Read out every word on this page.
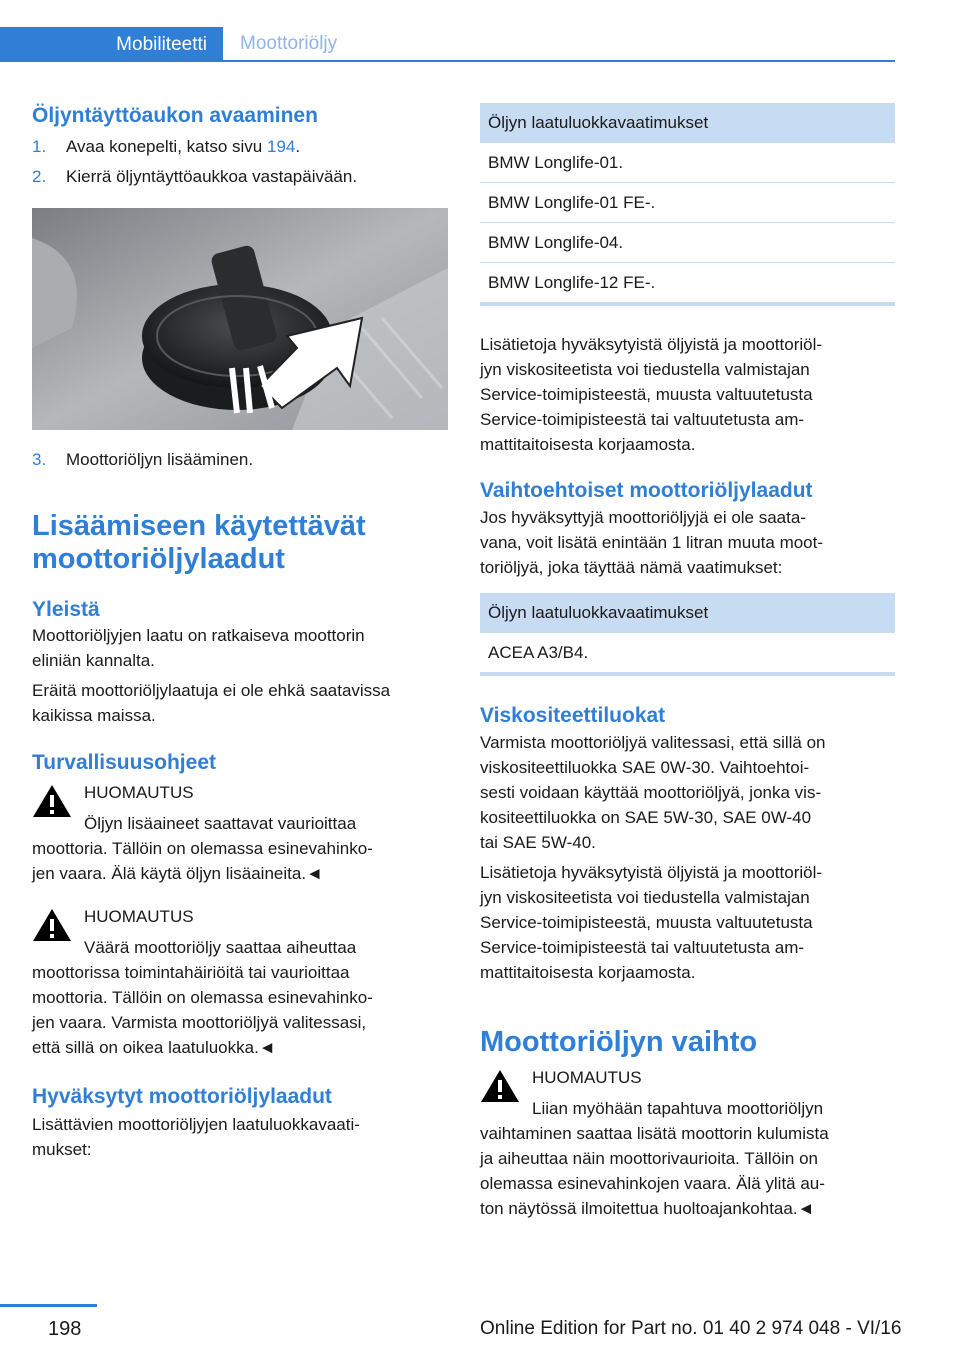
Mobiliteetti	Moottoriöljy
Öljyntäyttöaukon avaaminen
1.	Avaa konepelti, katso sivu 194.
2.	Kierrä öljyntäyttöaukkoa vastapäivään.
3.	Moottoriöljyn lisääminen.
Lisäämiseen käytettävät
moottoriöljylaadut
Yleistä

Moottoriöljyjen laatu on ratkaiseva moottorin

eliniän kannalta.

Eräitä moottoriöljylaatuja ei ole ehkä saatavissa

kaikissa maissa.

Turvallisuusohjeet

HUOMAUTUS

Öljyn lisäaineet saattavat vaurioittaa

moottoria. Tällöin on olemassa esinevahinko-

jen vaara. Älä käytä öljyn lisäaineita.◄

HUOMAUTUS

Väärä moottoriöljy saattaa aiheuttaa

moottorissa toimintahäiriöitä tai vaurioittaa

moottoria. Tällöin on olemassa esinevahinko-

jen vaara. Varmista moottoriöljyä valitessasi,

että sillä on oikea laatuluokka.◄

Hyväksytyt moottoriöljylaadut

Lisättävien moottoriöljyjen laatuluokkavaati-

mukset:

Öljyn laatuluokkavaatimukset
BMW Longlife-01.
BMW Longlife-01 FE-.
BMW Longlife-04.
BMW Longlife-12 FE-.

Lisätietoja hyväksytyistä öljyistä ja moottoriöl-

jyn viskositeetista voi tiedustella valmistajan

Service-toimipisteestä, muusta valtuutetusta

Service-toimipisteestä tai valtuutetusta am-

mattitaitoisesta korjaamosta.

Vaihtoehtoiset moottoriöljylaadut

Jos hyväksyttyjä moottoriöljyjä ei ole saata-

vana, voit lisätä enintään 1 litran muuta moot-

toriöljyä, joka täyttää nämä vaatimukset:

Öljyn laatuluokkavaatimukset
ACEA A3/B4.
Viskositeettiluokat

Varmista moottoriöljyä valitessasi, että sillä on

viskositeettiluokka SAE 0W-30. Vaihtoehtoi-

sesti voidaan käyttää moottoriöljyä, jonka vis-

kositeettiluokka on SAE 5W-30, SAE 0W-40

tai SAE 5W-40.

Lisätietoja hyväksytyistä öljyistä ja moottoriöl-

jyn viskositeetista voi tiedustella valmistajan

Service-toimipisteestä, muusta valtuutetusta

Service-toimipisteestä tai valtuutetusta am-

mattitaitoisesta korjaamosta.

Moottoriöljyn vaihto

HUOMAUTUS

Liian myöhään tapahtuva moottoriöljyn

vaihtaminen saattaa lisätä moottorin kulumista

ja aiheuttaa näin moottorivaurioita. Tällöin on

olemassa esinevahinkojen vaara. Älä ylitä au-

ton näytössä ilmoitettua huoltoajankohtaa.◄

198	Online Edition for Part no. 01 40 2 974 048 - VI/16
